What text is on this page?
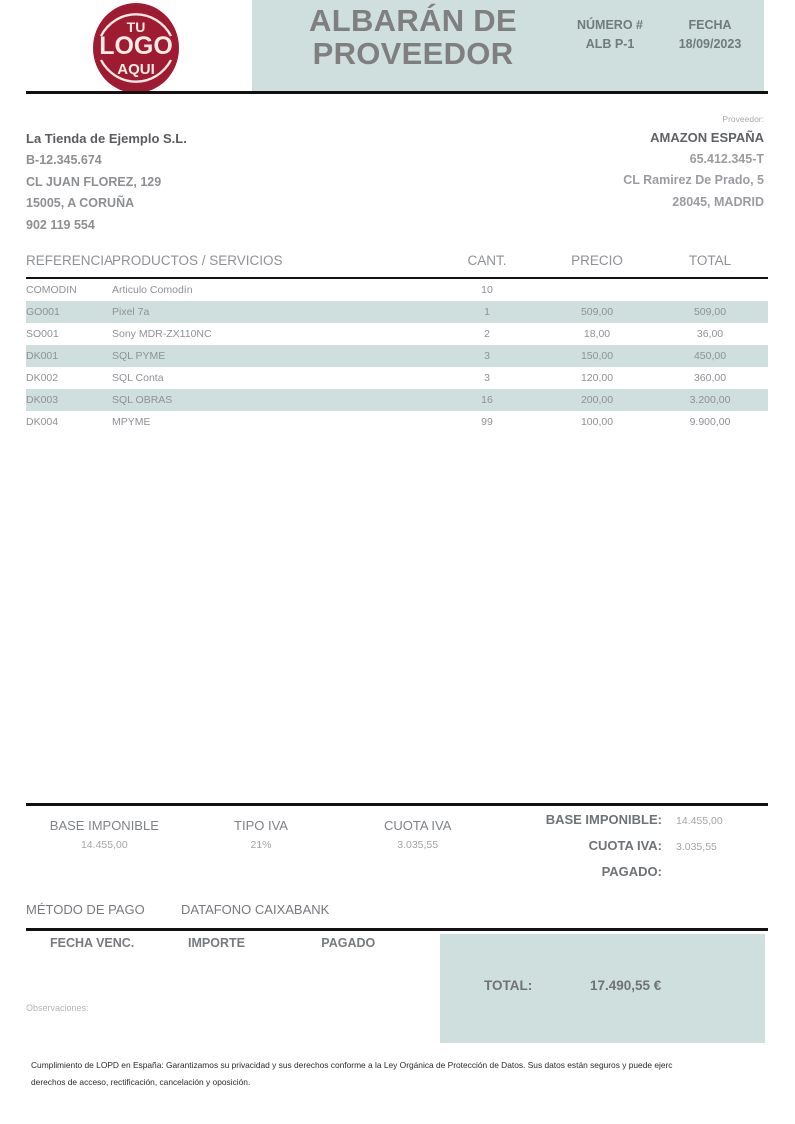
TU
LOGO
AQUI
ALBARÁN DE PROVEEDOR
NÚMERO #
ALB P-1
FECHA
18/09/2023
La Tienda de Ejemplo S.L.
B-12.345.674
CL JUAN FLOREZ, 129
15005, A CORUÑA
902 119 554
Proveedor:
AMAZON ESPAÑA
65.412.345-T
CL Ramirez De Prado, 5
28045, MADRID
REFERENCIA	PRODUCTOS / SERVICIOS	CANT.	PRECIO	TOTAL
COMODIN	Articulo Comodín	10		
GO001	Pixel 7a	1	509,00	509,00
SO001	Sony MDR-ZX110NC	2	18,00	36,00
DK001	SQL PYME	3	150,00	450,00
DK002	SQL Conta	3	120,00	360,00
DK003	SQL OBRAS	16	200,00	3.200,00
DK004	MPYME	99	100,00	9.900,00
BASE IMPONIBLE
14.455,00
TIPO IVA
21%
CUOTA IVA
3.035,55
BASE IMPONIBLE:	14.455,00
CUOTA IVA:	3.035,55
PAGADO:
MÉTODO DE PAGO	DATAFONO CAIXABANK
FECHA VENC.	IMPORTE	PAGADO
Observaciones:
TOTAL:	17.490,55 €
Cumplimiento de LOPD en España: Garantizamos su privacidad y sus derechos conforme a la Ley Orgánica de Protección de Datos. Sus datos están seguros y puede ejerc
derechos de acceso, rectificación, cancelación y oposición.
